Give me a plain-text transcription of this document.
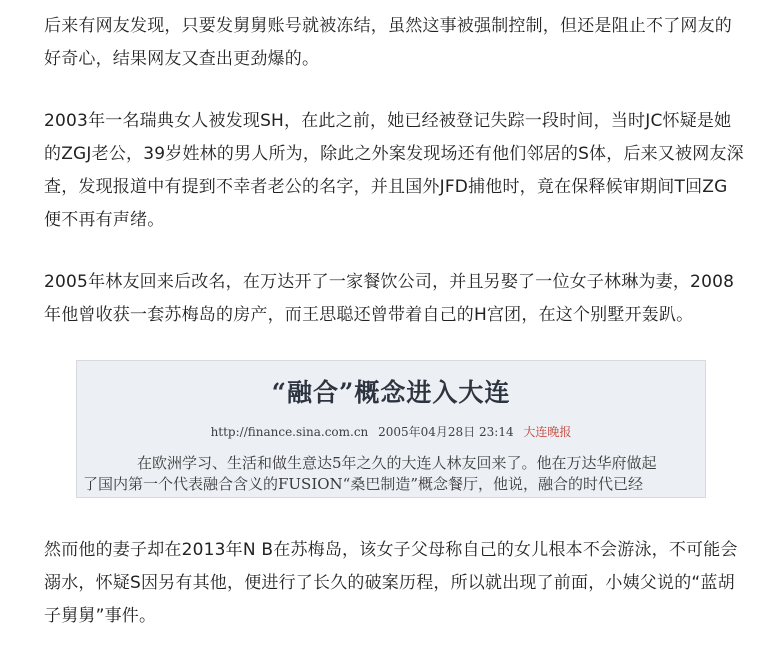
后来有网友发现，只要发舅舅账号就被冻结，虽然这事被强制控制，但还是阻止不了网友的好奇心，结果网友又查出更劲爆的。

2003年一名瑞典女人被发现SH，在此之前，她已经被登记失踪一段时间，当时JC怀疑是她的ZGJ老公，39岁姓林的男人所为，除此之外案发现场还有他们邻居的S体，后来又被网友深查，发现报道中有提到不幸者老公的名字，并且国外JFD捕他时，竟在保释候审期间T回ZG便不再有声绪。

2005年林友回来后改名，在万达开了一家餐饮公司，并且另娶了一位女子林琳为妻，2008年他曾收获一套苏梅岛的房产，而王思聪还曾带着自己的H宫团，在这个别墅开轰趴。

“融合”概念进入大连
http://finance.sina.com.cn 2005年04月28日 23:14 大连晚报
在欧洲学习、生活和做生意达5年之久的大连人林友回来了。他在万达华府做起
了国内第一个代表融合含义的FUSION“桑巴制造”概念餐厅，他说，融合的时代已经

然而他的妻子却在2013年N B在苏梅岛，该女子父母称自己的女儿根本不会游泳，不可能会溺水，怀疑S因另有其他，便进行了长久的破案历程，所以就出现了前面，小姨父说的“蓝胡子舅舅”事件。
